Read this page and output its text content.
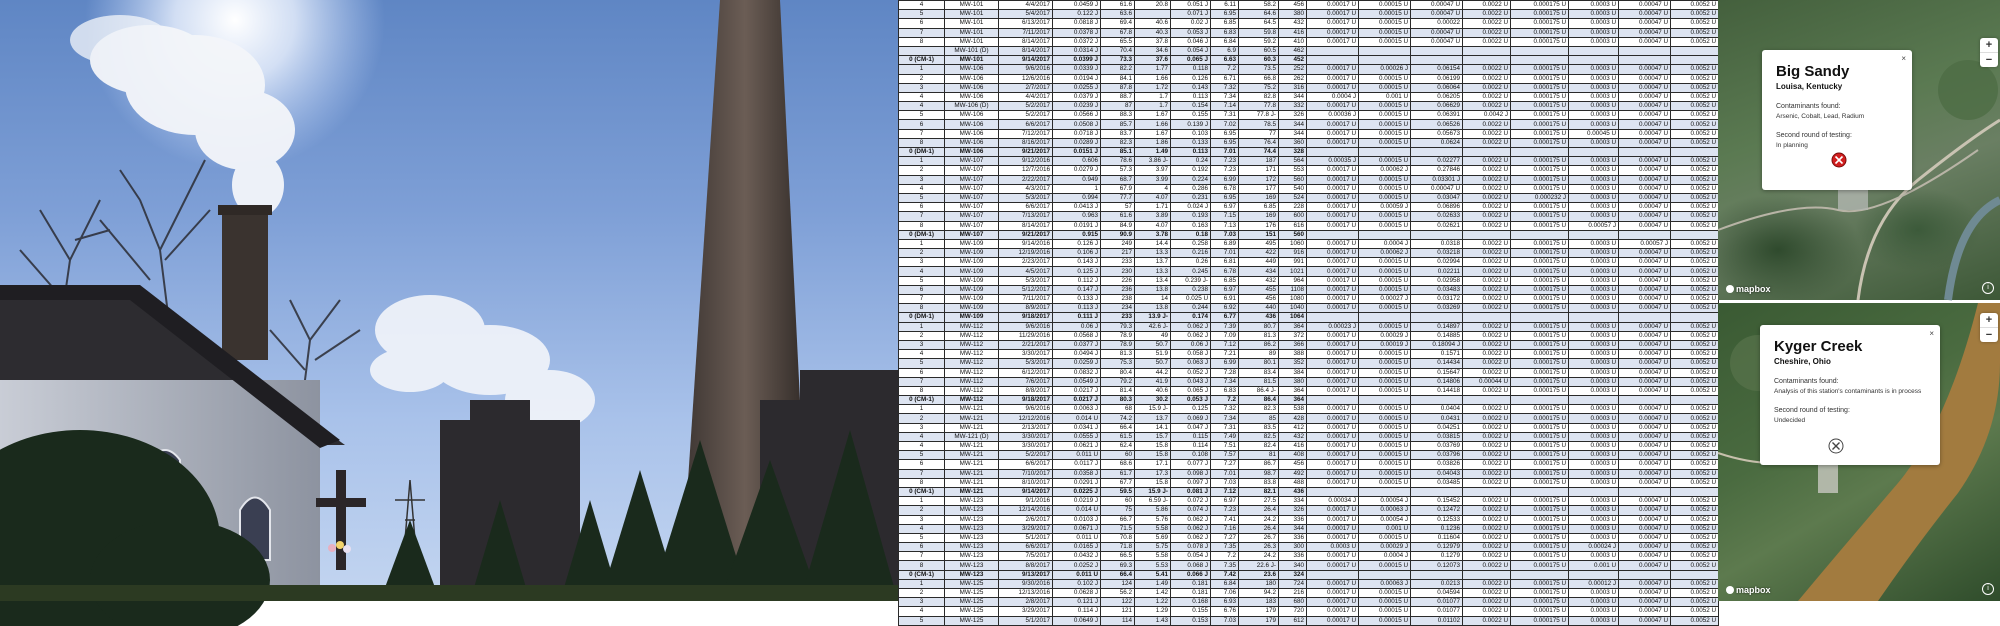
4	MW-101	4/4/2017	0.0459 J	61.6	20.8	0.051 J	6.11	58.2	456	0.00017 U	0.00015 U	0.00047 U	0.0022 U	0.000175 U	0.0003 U	0.00047 U	0.0052 U
5	MW-101	5/4/2017	0.122 J	63.6		0.071 J	6.95	64.6	380	0.00017 U	0.00015 U	0.00047 U	0.0022 U	0.000175 U	0.0003 U	0.00047 U	0.0052 U
6	MW-101	6/13/2017	0.0818 J	69.4	40.6	0.02 J	6.85	64.5	432	0.00017 U	0.00015 U	0.00022	0.0022 U	0.000175 U	0.0003 U	0.00047 U	0.0052 U
7	MW-101	7/11/2017	0.0378 J	67.8	40.3	0.053 J	6.83	59.8	416	0.00017 U	0.00015 U	0.00047 U	0.0022 U	0.000175 U	0.0003 U	0.00047 U	0.0052 U
8	MW-101	8/14/2017	0.0372 J	65.5	37.8	0.046 J	6.84	59.2	410	0.00017 U	0.00015 U	0.00047 U	0.0022 U	0.000175 U	0.0003 U	0.00047 U	0.0052 U
	MW-101 (D)	8/14/2017	0.0314 J	70.4	34.6	0.054 J	6.9	60.5	462								
0 (CM-1)	MW-101	9/14/2017	0.0399 J	73.3	37.6	0.065 J	6.63	60.3	452								
1	MW-106	9/6/2016	0.0339 J	82.2	1.77	0.118	7.2	73.5	252	0.00017 U	0.00026 J	0.06154	0.0022 U	0.000175 U	0.0003 U	0.00047 U	0.0052 U
2	MW-106	12/6/2016	0.0194 J	84.1	1.66	0.126	6.71	66.8	262	0.00017 U	0.00015 U	0.06199	0.0022 U	0.000175 U	0.0003 U	0.00047 U	0.0052 U
3	MW-106	2/7/2017	0.0255 J	87.8	1.72	0.143	7.32	75.2	316	0.00017 U	0.00015 U	0.06064	0.0022 U	0.000175 U	0.0003 U	0.00047 U	0.0052 U
4	MW-106	4/4/2017	0.0379 J	88.7	1.7	0.113	7.34	82.8	344	0.0004 J	0.001 U	0.06205	0.0022 U	0.000175 U	0.0003 U	0.00047 U	0.0052 U
4	MW-106 (D)	5/2/2017	0.0239 J	87	1.7	0.154	7.14	77.8	332	0.00017 U	0.00015 U	0.06629	0.0022 U	0.000175 U	0.0003 U	0.00047 U	0.0052 U
5	MW-106	5/2/2017	0.0566 J	88.3	1.67	0.155	7.31	77.8 J-	326	0.00036 J	0.00015 U	0.06391	0.0042 J	0.000175 U	0.0003 U	0.00047 U	0.0052 U
6	MW-106	6/6/2017	0.0508 J	85.7	1.66	0.139 J	7.02	78.5	344	0.00017 U	0.00015 U	0.06526	0.0022 U	0.000175 U	0.0003 U	0.00047 U	0.0052 U
7	MW-106	7/12/2017	0.0718 J	83.7	1.67	0.103	6.95	77	344	0.00017 U	0.00015 U	0.05673	0.0022 U	0.000175 U	0.00045 U	0.00047 U	0.0052 U
8	MW-106	8/16/2017	0.0289 J	82.3	1.86	0.133	6.95	76.4	360	0.00017 U	0.00015 U	0.0624	0.0022 U	0.000175 U	0.0003 U	0.00047 U	0.0052 U
0 (DM-1)	MW-106	9/21/2017	0.0151 J	85.1	1.49	0.113	7.01	74.4	328								
1	MW-107	9/12/2016	0.606	78.6	3.86 J-	0.24	7.23	187	564	0.00035 J	0.00015 U	0.02277	0.0022 U	0.000175 U	0.0003 U	0.00047 U	0.0052 U
2	MW-107	12/7/2016	0.0279 J	57.3	3.97	0.192	7.23	171	553	0.00017 U	0.00062 J	0.27846	0.0022 U	0.000175 U	0.0003 U	0.00047 U	0.0052 U
3	MW-107	2/22/2017	0.949	68.7	3.99	0.224	6.99	172	560	0.00017 U	0.00015 U	0.03301 J	0.0022 U	0.000175 U	0.0003 U	0.00047 U	0.0052 U
4	MW-107	4/3/2017	1	67.9	4	0.286	6.78	177	540	0.00017 U	0.00015 U	0.00047 U	0.0022 U	0.000175 U	0.0003 U	0.00047 U	0.0052 U
5	MW-107	5/3/2017	0.994	77.7	4.07	0.231	6.95	169	524	0.00017 U	0.00015 U	0.03047	0.0022 U	0.000232 J	0.0003 U	0.00047 U	0.0052 U
6	MW-107	6/6/2017	0.0413 J	57	1.71	0.024 J	6.97	6.85	228	0.00017 U	0.00059 J	0.06896	0.0022 U	0.000175 U	0.0003 U	0.00047 U	0.0052 U
7	MW-107	7/13/2017	0.963	61.6	3.89	0.193	7.15	169	600	0.00017 U	0.00015 U	0.02633	0.0022 U	0.000175 U	0.0003 U	0.00047 U	0.0052 U
8	MW-107	8/14/2017	0.0191 J	84.9	4.07	0.163	7.13	176	616	0.00017 U	0.00015 U	0.02621	0.0022 U	0.000175 U	0.00057 J	0.00047 U	0.0052 U
0 (DM-1)	MW-107	9/21/2017	0.915	90.9	3.78	0.18	7.03	151	560								
1	MW-109	9/14/2016	0.126 J	249	14.4	0.258	6.89	495	1060	0.00017 U	0.0004 J	0.0318	0.0022 U	0.000175 U	0.0003 U	0.00057 J	0.0052 U
2	MW-109	12/19/2016	0.106 J	217	13.3	0.216	7.01	422	916	0.00017 U	0.00062 J	0.03218	0.0022 U	0.000175 U	0.0003 U	0.00047 U	0.0052 U
3	MW-109	2/23/2017	0.143 J	233	13.7	0.26	6.81	449	991	0.00017 U	0.00015 U	0.02994	0.0022 U	0.000175 U	0.0003 U	0.00047 U	0.0052 U
4	MW-109	4/5/2017	0.125 J	230	13.3	0.245	6.78	434	1021	0.00017 U	0.00015 U	0.02211	0.0022 U	0.000175 U	0.0003 U	0.00047 U	0.0052 U
5	MW-109	5/3/2017	0.112 J	226	13.4	0.239 J-	6.85	432	964	0.00017 U	0.00015 U	0.02958	0.0022 U	0.000175 U	0.0003 U	0.00047 U	0.0052 U
6	MW-109	5/12/2017	0.147 J	236	13.8	0.238	6.97	455	1108	0.00017 U	0.00015 U	0.03483	0.0022 U	0.000175 U	0.0003 U	0.00047 U	0.0052 U
7	MW-109	7/11/2017	0.133 J	238	14	0.025 U	6.91	456	1080	0.00017 U	0.00027 J	0.03172	0.0022 U	0.000175 U	0.0003 U	0.00047 U	0.0052 U
8	MW-109	8/9/2017	0.113 J	234	13.8	0.244	6.92	440	1040	0.00017 U	0.00015 U	0.03269	0.0022 U	0.000175 U	0.0003 U	0.00047 U	0.0052 U
0 (DM-1)	MW-109	9/18/2017	0.111 J	233	13.9 J-	0.174	6.77	436	1064								
1	MW-112	9/6/2016	0.06 J	79.3	42.6 J-	0.062 J	7.39	80.7	364	0.00023 J	0.00015 U	0.14897	0.0022 U	0.000175 U	0.0003 U	0.00047 U	0.0052 U
2	MW-112	11/29/2016	0.0568 J	78.9	49	0.062 J	7.09	81.3	372	0.00017 U	0.00029 J	0.14885	0.0022 U	0.000175 U	0.0003 U	0.00047 U	0.0052 U
3	MW-112	2/21/2017	0.0377 J	78.9	50.7	0.06 J	7.12	86.2	366	0.00017 U	0.00019 J	0.18094 J	0.0022 U	0.000175 U	0.0003 U	0.00047 U	0.0052 U
4	MW-112	3/30/2017	0.0494 J	81.3	51.9	0.058 J	7.21	89	388	0.00017 U	0.00015 U	0.1571	0.0022 U	0.000175 U	0.0003 U	0.00047 U	0.0052 U
5	MW-112	5/3/2017	0.0259 J	75.3	50.7	0.063 J	6.99	80.1	352	0.00017 U	0.00015 U	0.14434	0.0022 U	0.000175 U	0.0003 U	0.00047 U	0.0052 U
6	MW-112	6/12/2017	0.0832 J	80.4	44.2	0.052 J	7.28	83.4	384	0.00017 U	0.00015 U	0.15647	0.0022 U	0.000175 U	0.0003 U	0.00047 U	0.0052 U
7	MW-112	7/6/2017	0.0549 J	79.2	41.9	0.043 J	7.34	81.5	380	0.00017 U	0.00015 U	0.14806	0.00044 U	0.000175 U	0.0003 U	0.00047 U	0.0052 U
8	MW-112	8/8/2017	0.0217 J	81.4	40.6	0.065 J	6.83	86.4 J-	364	0.00017 U	0.00015 U	0.14418	0.0022 U	0.000175 U	0.0003 U	0.00047 U	0.0052 U
0 (CM-1)	MW-112	9/18/2017	0.0217 J	80.3	30.2	0.053 J	7.2	86.4	364								
1	MW-121	9/6/2016	0.0063 J	68	15.9 J-	0.125	7.32	82.3	538	0.00017 U	0.00015 U	0.0404	0.0022 U	0.000175 U	0.0003 U	0.00047 U	0.0052 U
2	MW-121	12/12/2016	0.014 U	74.2	13.7	0.069 J	7.34	85	428	0.00017 U	0.00015 U	0.0431	0.0022 U	0.000175 U	0.0003 U	0.00047 U	0.0052 U
3	MW-121	2/13/2017	0.0341 J	66.4	14.1	0.047 J	7.31	83.5	412	0.00017 U	0.00015 U	0.04251	0.0022 U	0.000175 U	0.0003 U	0.00047 U	0.0052 U
4	MW-121 (D)	3/30/2017	0.0555 J	61.5	15.7	0.115	7.49	82.5	432	0.00017 U	0.00015 U	0.03815	0.0022 U	0.000175 U	0.0003 U	0.00047 U	0.0052 U
4	MW-121	3/30/2017	0.0621 J	62.4	15.8	0.114	7.51	82.4	416	0.00017 U	0.00015 U	0.03769	0.0022 U	0.000175 U	0.0003 U	0.00047 U	0.0052 U
5	MW-121	5/2/2017	0.011 U	60	15.8	0.108	7.57	81	408	0.00017 U	0.00015 U	0.03796	0.0022 U	0.000175 U	0.0003 U	0.00047 U	0.0052 U
6	MW-121	6/6/2017	0.0117 J	68.6	17.1	0.077 J	7.27	86.7	456	0.00017 U	0.00015 U	0.03826	0.0022 U	0.000175 U	0.0003 U	0.00047 U	0.0052 U
7	MW-121	7/10/2017	0.0358 J	61.7	17.3	0.098 J	7.01	98.7	492	0.00017 U	0.00015 U	0.04043	0.0022 U	0.000175 U	0.0003 U	0.00047 U	0.0052 U
8	MW-121	8/10/2017	0.0291 J	67.7	15.8	0.097 J	7.03	83.8	488	0.00017 U	0.00015 U	0.03485	0.0022 U	0.000175 U	0.0003 U	0.00047 U	0.0052 U
0 (CM-1)	MW-121	9/14/2017	0.0225 J	59.5	15.9 J-	0.081 J	7.12	82.1	436								
1	MW-123	9/1/2016	0.0219 J	60	6.59 J-	0.072 J	6.97	27.5	334	0.00034 J	0.00054 J	0.15452	0.0022 U	0.000175 U	0.0003 U	0.00047 U	0.0052 U
2	MW-123	12/14/2016	0.014 U	75	5.86	0.074 J	7.23	26.4	326	0.00017 U	0.00063 J	0.12472	0.0022 U	0.000175 U	0.0003 U	0.00047 U	0.0052 U
3	MW-123	2/6/2017	0.0103 J	66.7	5.76	0.062 J	7.41	24.2	336	0.00017 U	0.00054 J	0.12533	0.0022 U	0.000175 U	0.0003 U	0.00047 U	0.0052 U
4	MW-123	3/29/2017	0.0671 J	71.5	5.58	0.062 J	7.16	26.4	344	0.00017 U	0.001 U	0.1236	0.0022 U	0.000175 U	0.0003 U	0.00047 U	0.0052 U
5	MW-123	5/1/2017	0.011 U	70.8	5.69	0.062 J	7.27	26.7	336	0.00017 U	0.00015 U	0.11604	0.0022 U	0.000175 U	0.0003 U	0.00047 U	0.0052 U
6	MW-123	6/6/2017	0.0165 J	71.8	5.75	0.078 J	7.35	26.3	300	0.0003 U	0.00029 J	0.12979	0.0022 U	0.000175 U	0.00024 J	0.00047 U	0.0052 U
7	MW-123	7/5/2017	0.0432 J	66.5	5.58	0.054 J	7.2	24.2	336	0.00017 U	0.0004 J	0.1279	0.0022 U	0.000175 U	0.0003 U	0.00047 U	0.0052 U
8	MW-123	8/8/2017	0.0252 J	69.3	5.53	0.068 J	7.35	22.6 J-	340	0.00017 U	0.00015 U	0.12073	0.0022 U	0.000175 U	0.001 U	0.00047 U	0.0052 U
0 (CM-1)	MW-123	9/13/2017	0.011 U	66.4	5.41	0.066 J	7.42	23.6	324								
1	MW-125	9/30/2016	0.102 J	124	1.49	0.181	6.84	180	724	0.00017 U	0.00063 J	0.0213	0.0022 U	0.000175 U	0.00012 J	0.00047 U	0.0052 U
2	MW-125	12/13/2016	0.0628 J	56.2	1.42	0.181	7.06	94.2	216	0.00017 U	0.00015 U	0.04594	0.0022 U	0.000175 U	0.0003 U	0.00047 U	0.0052 U
3	MW-125	2/8/2017	0.121 J	122	1.22	0.168	6.93	183	680	0.00017 U	0.00015 U	0.01077	0.0022 U	0.000175 U	0.0003 U	0.00047 U	0.0052 U
4	MW-125	3/29/2017	0.114 J	121	1.29	0.155	6.76	179	720	0.00017 U	0.00015 U	0.01077	0.0022 U	0.000175 U	0.0003 U	0.00047 U	0.0052 U
5	MW-125	5/1/2017	0.0649 J	114	1.43	0.153	7.03	179	612	0.00017 U	0.00015 U	0.01102	0.0022 U	0.000175 U	0.0003 U	0.00047 U	0.0052 U
×
Big Sandy
Louisa, Kentucky
Contaminants found:
Arsenic, Cobalt, Lead, Radium
Second round of testing:
In planning
+
−
mapbox	i
×
Kyger Creek
Cheshire, Ohio
Contaminants found:
Analysis of this station's contaminants is in process
Second round of testing:
Undecided
+
−
mapbox	i
